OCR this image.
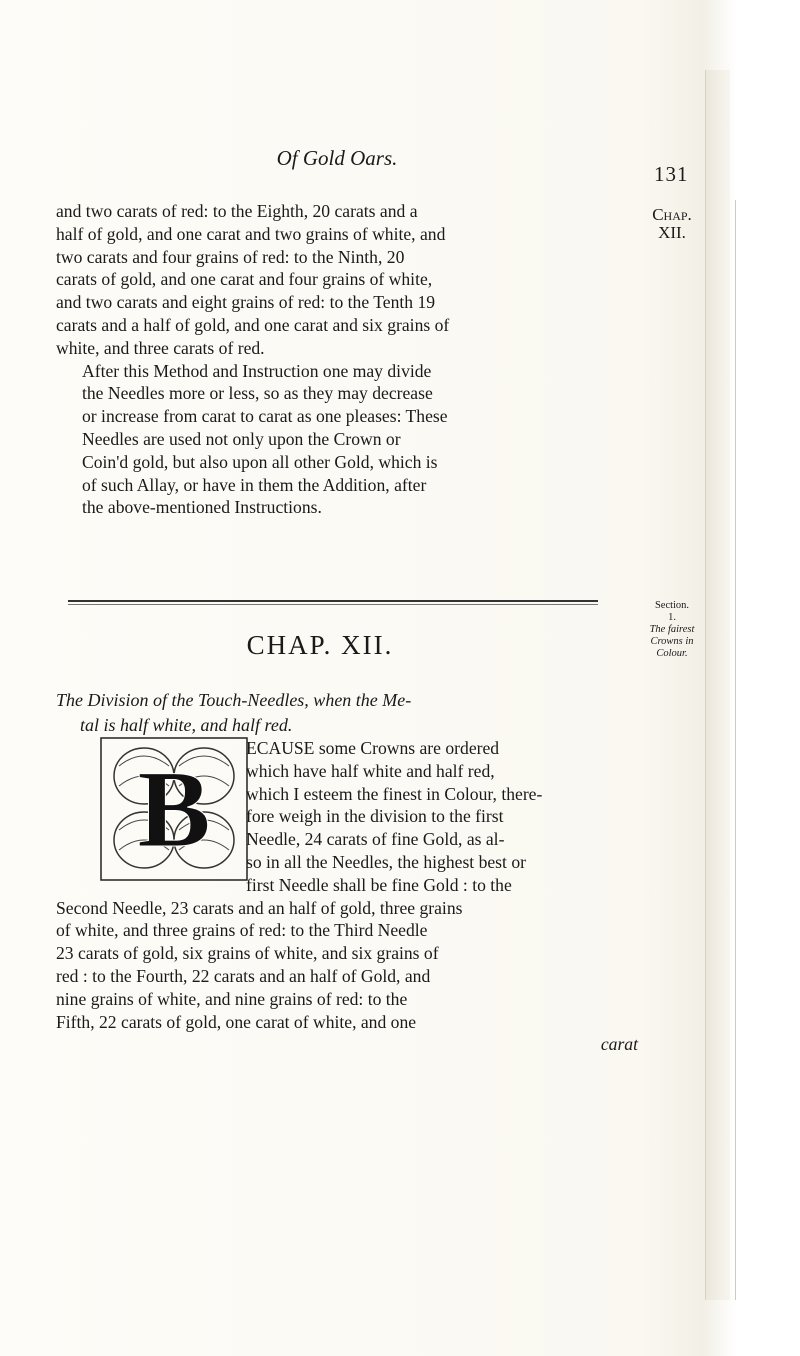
Of Gold Oars.
131
Chap.
XII.

and two carats of red: to the Eighth, 20 carats and a

half of gold, and one carat and two grains of white, and

two carats and four grains of red: to the Ninth, 20

carats of gold, and one carat and four grains of white,

and two carats and eight grains of red: to the Tenth 19

carats and a half of gold, and one carat and six grains of

white, and three carats of red.

After this Method and Instruction one may divide

the Needles more or less, so as they may decrease

or increase from carat to carat as one pleases: These

Needles are used not only upon the Crown or

Coin'd gold, but also upon all other Gold, which is

of such Allay, or have in them the Addition, after

the above-mentioned Instructions.

CHAP. XII.
The Division of the Touch-Needles, when the Me-
tal is half white, and half red.
Section.
1.
The fairest Crowns in Colour.

ECAUSE some Crowns are ordered

which have half white and half red,

which I esteem the finest in Colour, there-

fore weigh in the division to the first

Needle, 24 carats of fine Gold, as al-

so in all the Needles, the highest best or

first Needle shall be fine Gold : to the

Second Needle, 23 carats and an half of gold, three grains

of white, and three grains of red: to the Third Needle

23 carats of gold, six grains of white, and six grains of

red : to the Fourth, 22 carats and an half of Gold, and

nine grains of white, and nine grains of red: to the

Fifth, 22 carats of gold, one carat of white, and one

carat

B
